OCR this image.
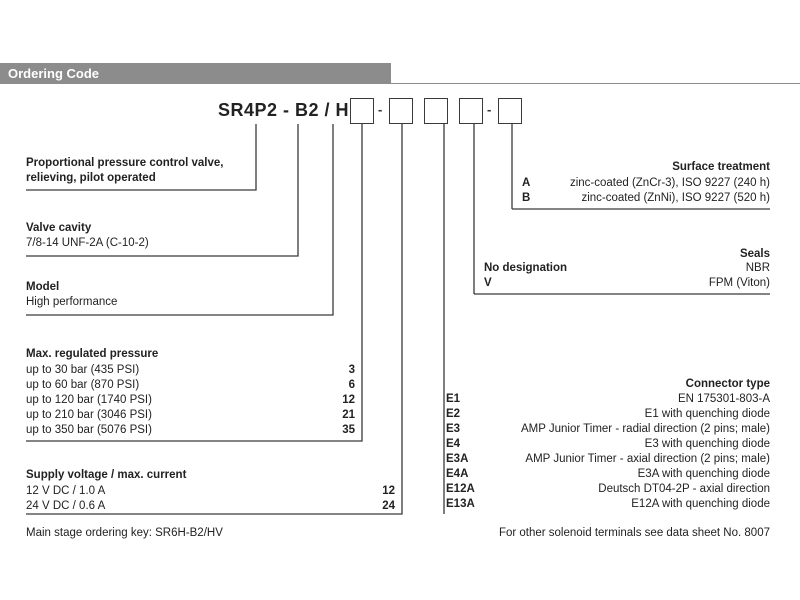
Ordering Code
SR4P2 - B2 / H -	-
Proportional pressure control valve,
relieving, pilot operated
Valve cavity
7/8-14 UNF-2A (C-10-2)
Model
High performance
Max. regulated pressure
up to 30 bar (435 PSI)	3
up to 60 bar (870 PSI)	6
up to 120 bar (1740 PSI)	12
up to 210 bar (3046 PSI)	21
up to 350 bar (5076 PSI)	35
Supply voltage / max. current
12 V DC / 1.0 A	12
24 V DC / 0.6 A	24
Surface treatment
A	zinc-coated (ZnCr-3), ISO 9227 (240 h)
B	zinc-coated (ZnNi), ISO 9227 (520 h)
Seals
No designation	NBR
V	FPM (Viton)
Connector type
E1	EN 175301-803-A
E2	E1 with quenching diode
E3	AMP Junior Timer - radial direction (2 pins; male)
E4	E3 with quenching diode
E3A	AMP Junior Timer - axial direction (2 pins; male)
E4A	E3A with quenching diode
E12A	Deutsch DT04-2P - axial direction
E13A	E12A with quenching diode
Main stage ordering key: SR6H-B2/HV	For other solenoid terminals see data sheet No. 8007
